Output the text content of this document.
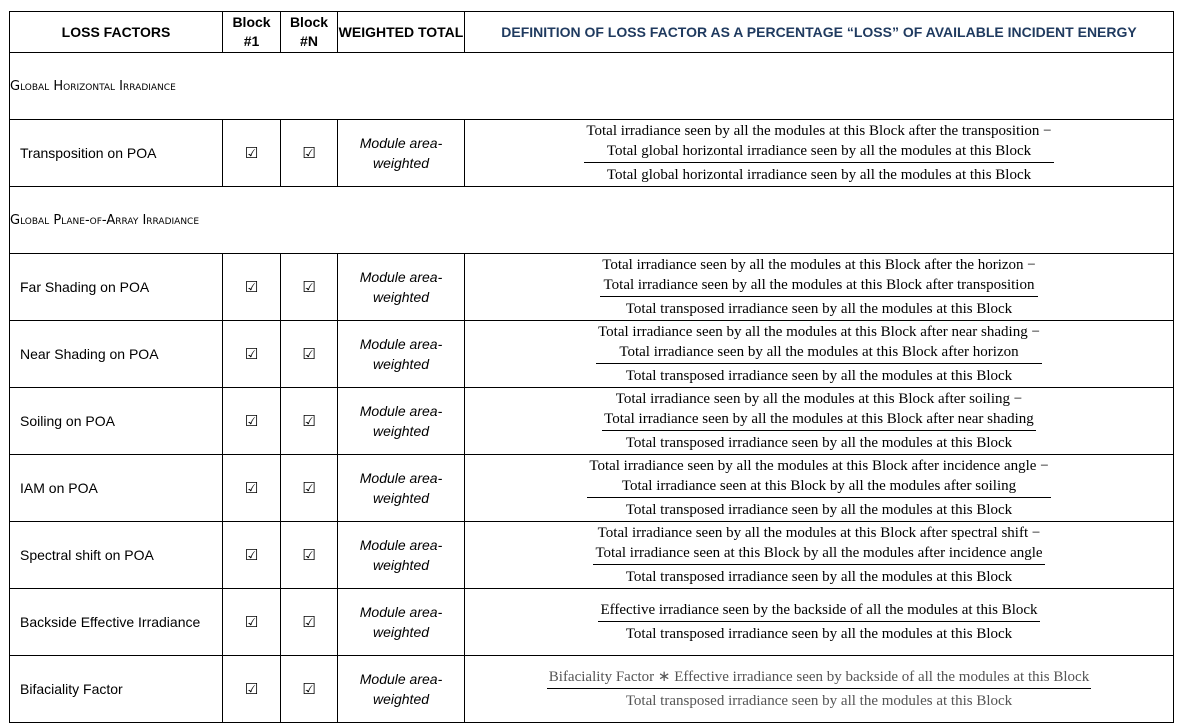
LOSS FACTORS	Block #1	Block #N	WEIGHTED TOTAL	DEFINITION OF LOSS FACTOR AS A PERCENTAGE “LOSS” OF AVAILABLE INCIDENT ENERGY
Global Horizontal Irradiance				
Transposition on POA	☑	☑	Module area-weighted	Total irradiance seen by all the modules at this Block after the transposition −
Total global horizontal irradiance seen by all the modules at this Block
Total global horizontal irradiance seen by all the modules at this Block

Global Plane-of-Array Irradiance				
Far Shading on POA	☑	☑	Module area-weighted	Total irradiance seen by all the modules at this Block after the horizon −
Total irradiance seen by all the modules at this Block after transposition
Total transposed irradiance seen by all the modules at this Block

Near Shading on POA	☑	☑	Module area-weighted	Total irradiance seen by all the modules at this Block after near shading −
Total irradiance seen by all the modules at this Block after horizon
Total transposed irradiance seen by all the modules at this Block

Soiling on POA	☑	☑	Module area-weighted	Total irradiance seen by all the modules at this Block after soiling −
Total irradiance seen by all the modules at this Block after near shading
Total transposed irradiance seen by all the modules at this Block

IAM on POA	☑	☑	Module area-weighted	Total irradiance seen by all the modules at this Block after incidence angle −
Total irradiance seen at this Block by all the modules after soiling
Total transposed irradiance seen by all the modules at this Block

Spectral shift on POA	☑	☑	Module area-weighted	Total irradiance seen by all the modules at this Block after spectral shift −
Total irradiance seen at this Block by all the modules after incidence angle
Total transposed irradiance seen by all the modules at this Block

Backside Effective Irradiance	☑	☑	Module area-weighted	Effective irradiance seen by the backside of all the modules at this Block
Total transposed irradiance seen by all the modules at this Block

Bifaciality Factor	☑	☑	Module area-weighted	Bifaciality Factor ∗ Effective irradiance seen by backside of all the modules at this Block
Total transposed irradiance seen by all the modules at this Block
